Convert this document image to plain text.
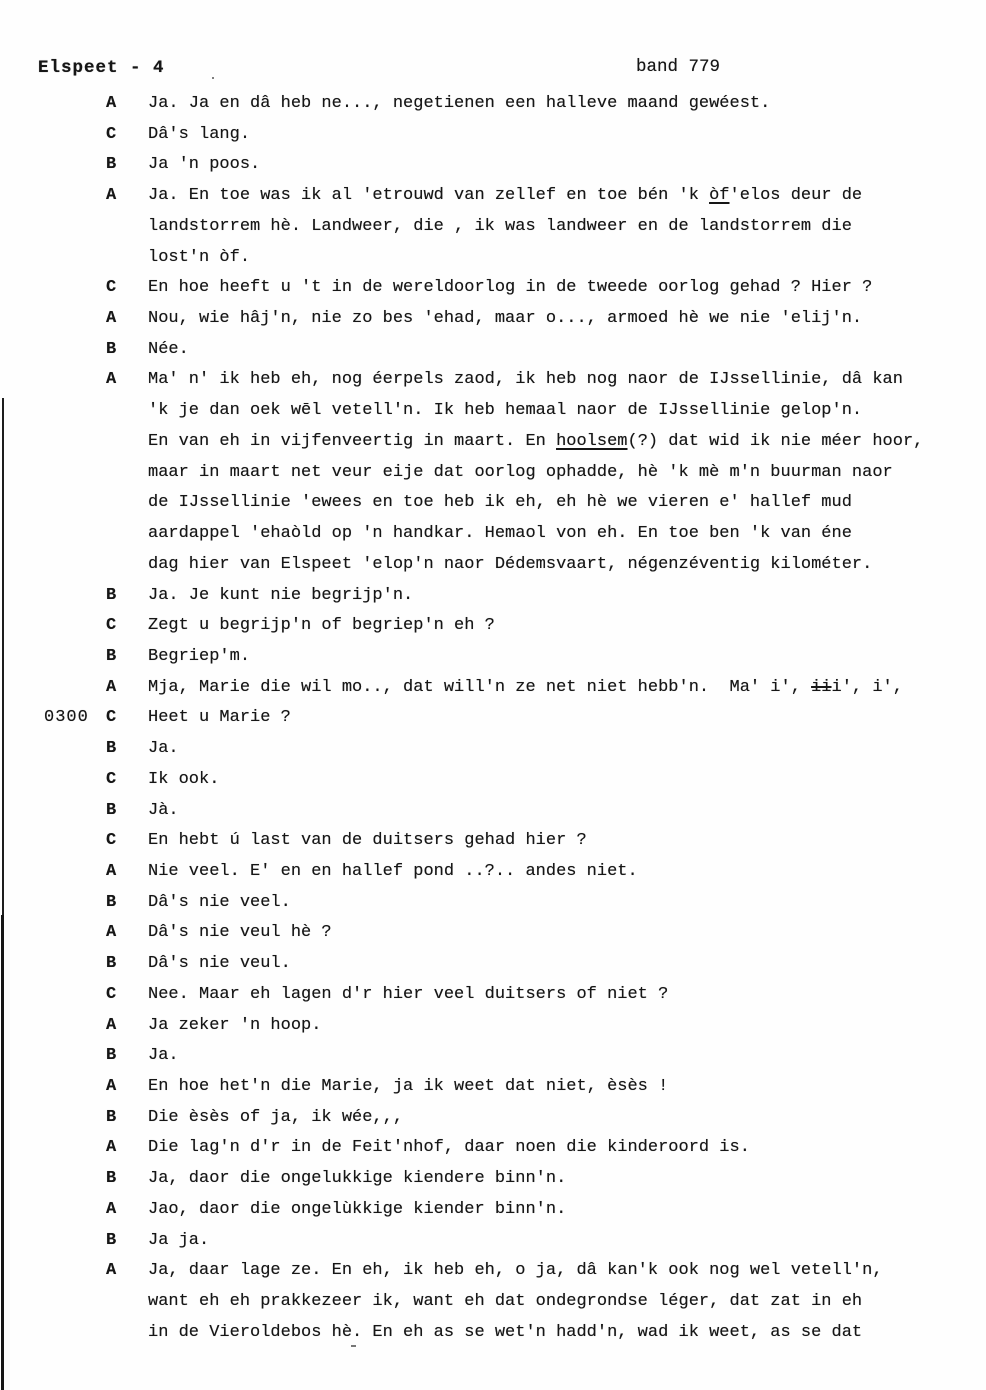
Elspeet - 4	band 779
A	Ja. Ja en dâ heb ne..., negetienen een halleve maand gewéest.
C	Dâ's lang.
B	Ja 'n poos.
A	Ja. En toe was ik al 'etrouwd van zellef en toe bén 'k òf'elos deur de
landstorrem hè. Landweer, die , ik was landweer en de landstorrem die
lost'n òf.
C	En hoe heeft u 't in de wereldoorlog in de tweede oorlog gehad ? Hier ?
A	Nou, wie hâj'n, nie zo bes 'ehad, maar o..., armoed hè we nie 'elij'n.
B	Née.
A	Ma' n' ik heb eh, nog éerpels zaod, ik heb nog naor de IJssellinie, dâ kan
'k je dan oek wēl vetell'n. Ik heb hemaal naor de IJssellinie gelop'n.
En van eh in vijfenveertig in maart. En hoolsem(?) dat wid ik nie méer hoor,
maar in maart net veur eije dat oorlog ophadde, hè 'k mè m'n buurman naor
de IJssellinie 'ewees en toe heb ik eh, eh hè we vieren e' hallef mud
aardappel 'ehaòld op 'n handkar. Hemaol von eh. En toe ben 'k van éne
dag hier van Elspeet 'elop'n naor Dédemsvaart, négenzéventig kilométer.
B	Ja. Je kunt nie begrijp'n.
C	Zegt u begrijp'n of begriep'n eh ?
B	Begriep'm.
A	Mja, Marie die wil mo.., dat will'n ze net niet hebb'n.  Ma' i', iii', i',
0300	C	Heet u Marie ?
B	Ja.
C	Ik ook.
B	Jà.
C	En hebt ú last van de duitsers gehad hier ?
A	Nie veel. E' en en hallef pond ..?.. andes niet.
B	Dâ's nie veel.
A	Dâ's nie veul hè ?
B	Dâ's nie veul.
C	Nee. Maar eh lagen d'r hier veel duitsers of niet ?
A	Ja zeker 'n hoop.
B	Ja.
A	En hoe het'n die Marie, ja ik weet dat niet, èsès !
B	Die èsès of ja, ik wée,,,
A	Die lag'n d'r in de Feit'nhof, daar noen die kinderoord is.
B	Ja, daor die ongelukkige kiendere binn'n.
A	Jao, daor die ongelùkkige kiender binn'n.
B	Ja ja.
A	Ja, daar lage ze. En eh, ik heb eh, o ja, dâ kan'k ook nog wel vetell'n,
want eh eh prakkezeer ik, want eh dat ondegrondse léger, dat zat in eh
in de Vieroldebos hè. En eh as se wet'n hadd'n, wad ik weet, as se dat
